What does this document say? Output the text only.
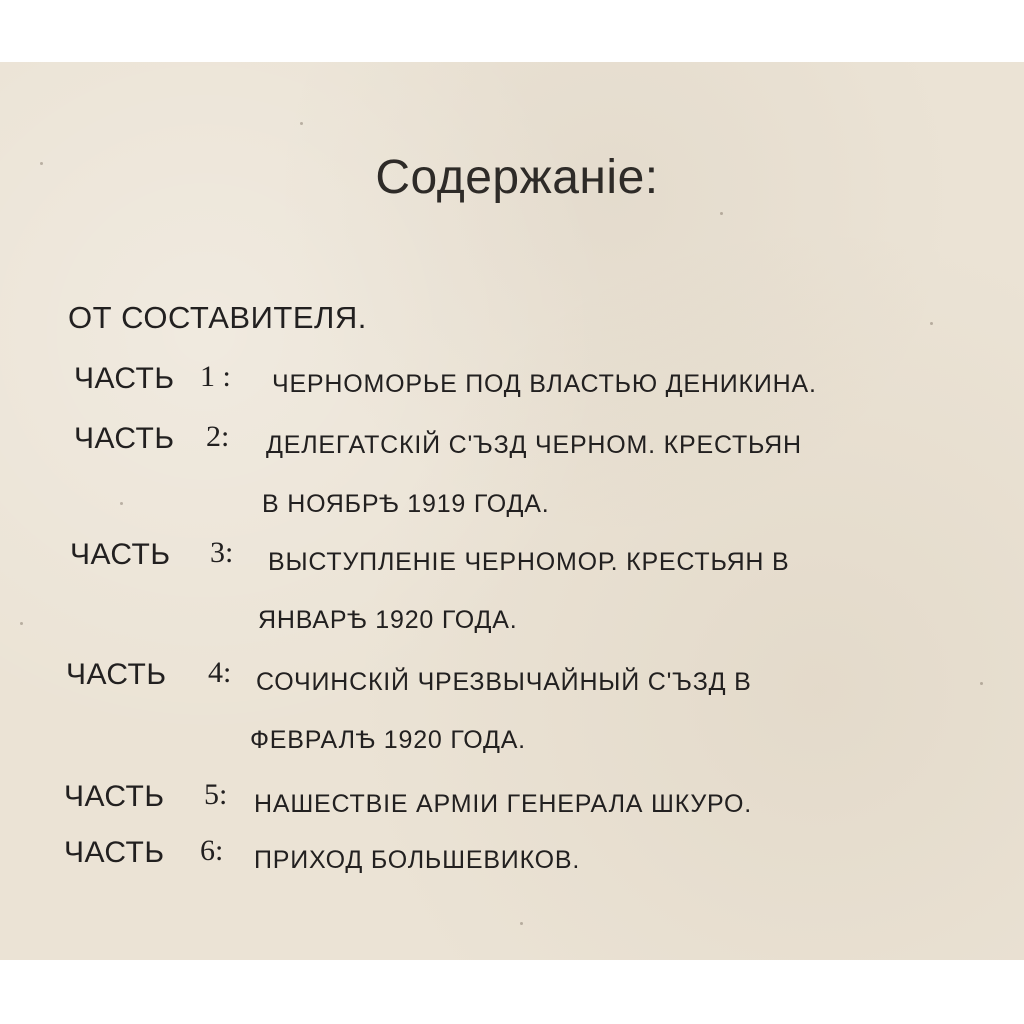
Содержаніе:
ОТ СОСТАВИТЕЛЯ.
ЧАСТЬ 1 : ЧЕРНОМОРЬЕ ПОД ВЛАСТЬЮ ДЕНИКИНА.
ЧАСТЬ 2: ДЕЛЕГАТСКІЙ С'ЪЗД ЧЕРНОМ. КРЕСТЬЯН
В НОЯБРѢ 1919 ГОДА.
ЧАСТЬ 3: ВЫСТУПЛЕНІЕ ЧЕРНОМОР. КРЕСТЬЯН В
ЯНВАРѢ 1920 ГОДА.
ЧАСТЬ 4: СОЧИНСКІЙ ЧРЕЗВЫЧАЙНЫЙ С'ЪЗД В
ФЕВРАЛѢ 1920 ГОДА.
ЧАСТЬ 5: НАШЕСТВІЕ АРМІИ ГЕНЕРАЛА ШКУРО.
ЧАСТЬ 6: ПРИХОД БОЛЬШЕВИКОВ.
